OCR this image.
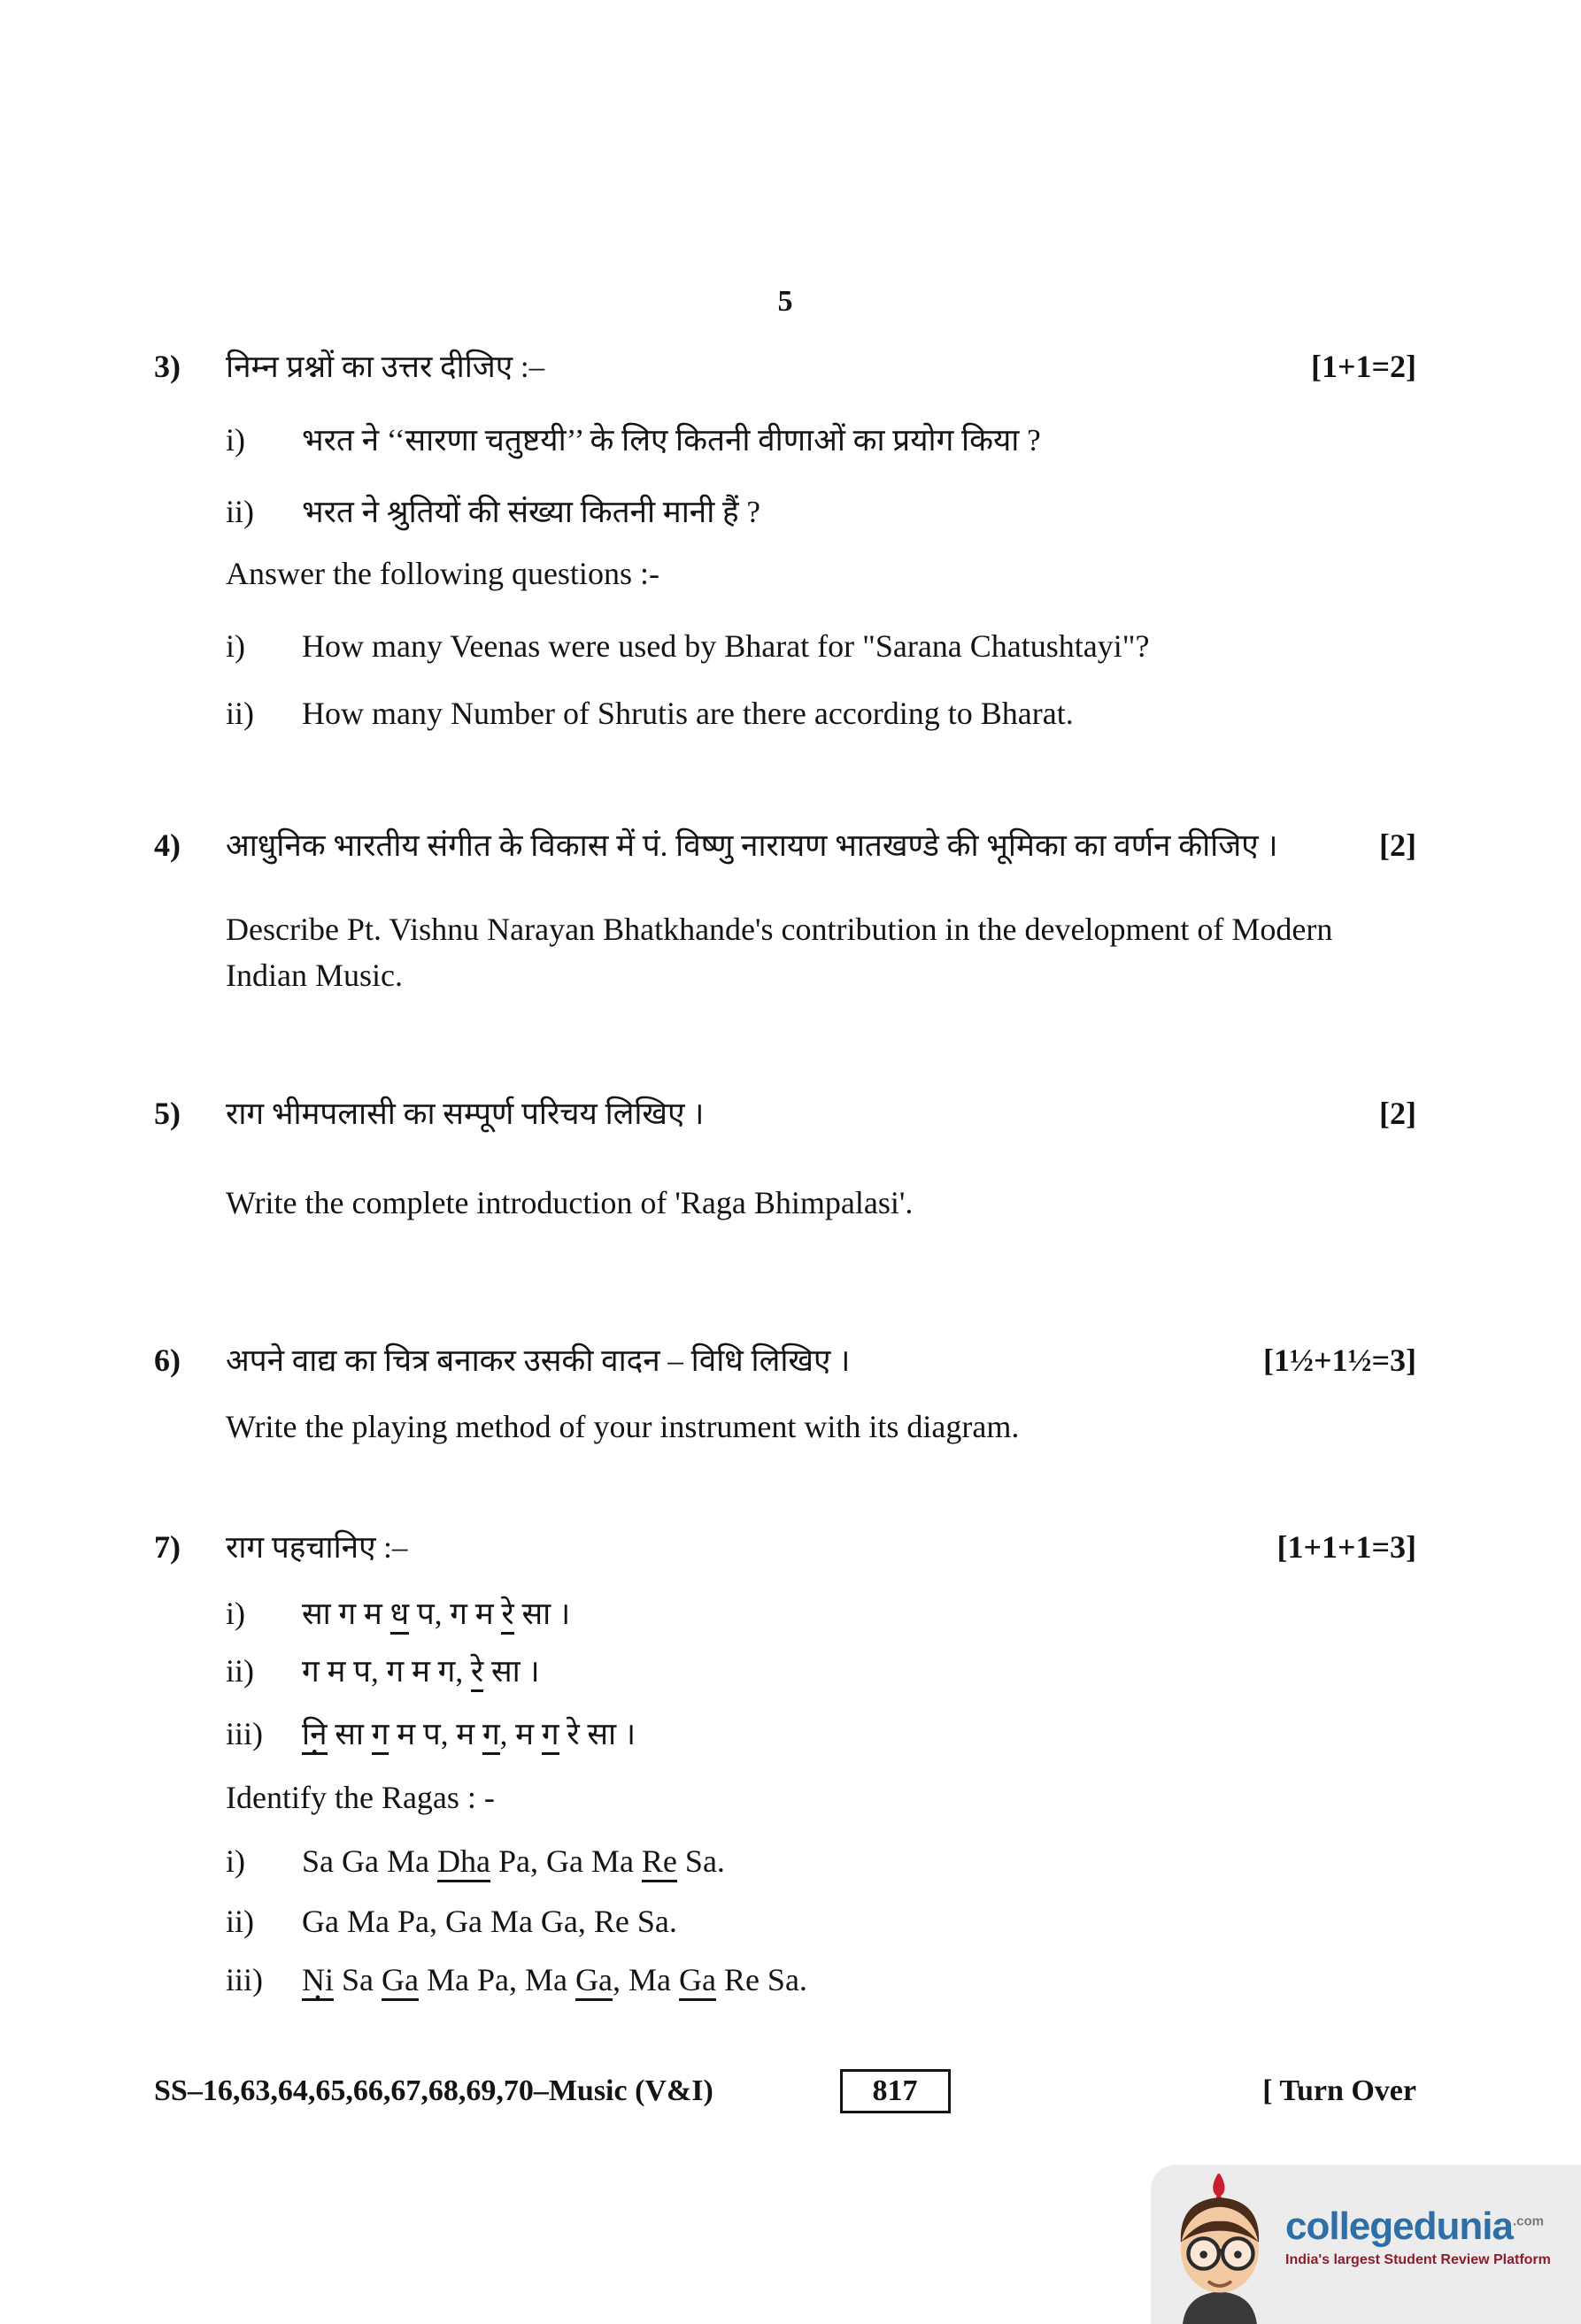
5
3)	निम्न प्रश्नों का उत्तर दीजिए :–	[1+1=2]
i)	भरत ने ‘‘सारणा चतुष्टयी’’ के लिए कितनी वीणाओं का प्रयोग किया ?
ii)	भरत ने श्रुतियों की संख्या कितनी मानी हैं ?
Answer the following questions :-
i)	How many Veenas were used by Bharat for "Sarana Chatushtayi"?
ii)	How many Number of Shrutis are there according to Bharat.
4)	आधुनिक भारतीय संगीत के विकास में पं. विष्णु नारायण भातखण्डे की भूमिका का वर्णन कीजिए ।	[2]
Describe Pt. Vishnu Narayan Bhatkhande's contribution in the development of Modern Indian Music.
5)	राग भीमपलासी का सम्पूर्ण परिचय लिखिए ।	[2]
Write the complete introduction of 'Raga Bhimpalasi'.
6)	अपने वाद्य का चित्र बनाकर उसकी वादन – विधि लिखिए ।	[1½+1½=3]
Write the playing method of your instrument with its diagram.
7)	राग पहचानिए :–	[1+1+1=3]
i)	सा ग म ध प, ग म रे सा ।
ii)	ग म प, ग म ग, रे सा ।
iii)	नि • सा ग म प, म ग, म ग रे सा ।
Identify the Ragas : -
i)	Sa Ga Ma Dha Pa, Ga Ma Re Sa.
ii)	Ga Ma Pa, Ga Ma Ga, Re Sa.
iii)	Ni • Sa Ga Ma Pa, Ma Ga, Ma Ga Re Sa.
SS–16,63,64,65,66,67,68,69,70–Music (V&I)	817	[ Turn Over
collegedunia$^{.com}$
India's largest Student Review Platform
